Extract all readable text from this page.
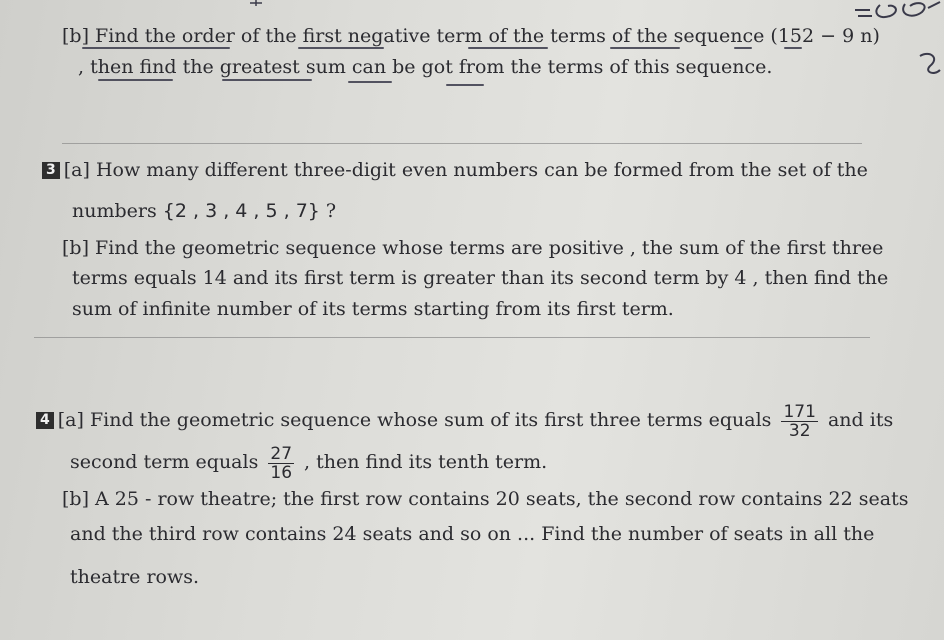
[b] Find the order of the first negative term of the terms of the sequence (152 − 9 n)
, then find the greatest sum can be got from the terms of this sequence.
3 [a] How many different three-digit even numbers can be formed from the set of the
numbers {2 , 3 , 4 , 5 , 7} ?
[b] Find the geometric sequence whose terms are positive , the sum of the first three
terms equals 14 and its first term is greater than its second term by 4 , then find the
sum of infinite number of its terms starting from its first term.
4 [a] Find the geometric sequence whose sum of its first three terms equals $\frac{171}{32}$ and its
second term equals $\frac{27}{16}$ , then find its tenth term.
[b] A 25 - row theatre; the first row contains 20 seats, the second row contains 22 seats
and the third row contains 24 seats and so on ... Find the number of seats in all the
theatre rows.
